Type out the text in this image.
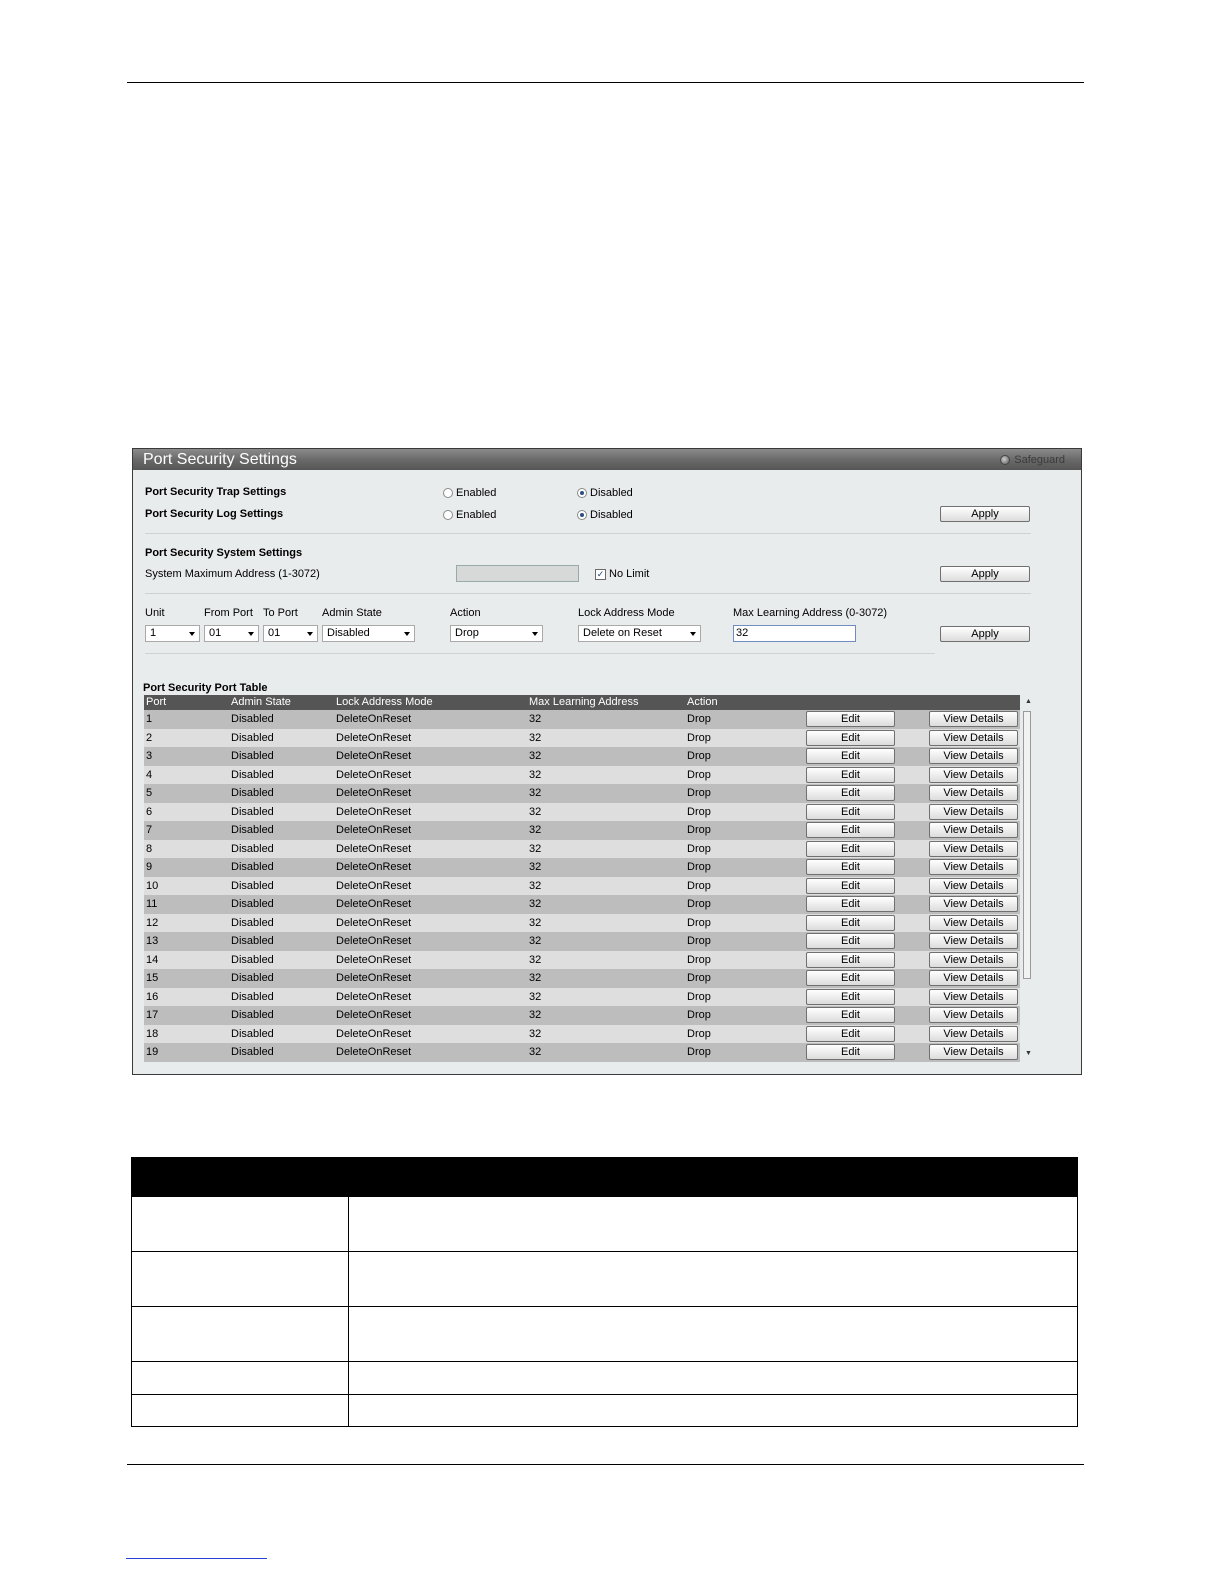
Port Security Settings	Safeguard
Port Security Trap Settings	Enabled	Disabled
Port Security Log Settings	Enabled	Disabled	Apply
Port Security System Settings
System Maximum Address (1-3072)	✓ No Limit	Apply
Unit	From Port To Port Admin State	Action	Lock Address Mode	Max Learning Address (0-3072)
1	01	01	Disabled	Drop	Delete on Reset	32	Apply
Port Security Port Table
Port	Admin State	Lock Address Mode	Max Learning Address	Action
1	Disabled	DeleteOnReset	32	Drop	Edit	View Details
2	Disabled	DeleteOnReset	32	Drop	Edit	View Details
3	Disabled	DeleteOnReset	32	Drop	Edit	View Details
4	Disabled	DeleteOnReset	32	Drop	Edit	View Details
5	Disabled	DeleteOnReset	32	Drop	Edit	View Details
6	Disabled	DeleteOnReset	32	Drop	Edit	View Details
7	Disabled	DeleteOnReset	32	Drop	Edit	View Details
8	Disabled	DeleteOnReset	32	Drop	Edit	View Details
9	Disabled	DeleteOnReset	32	Drop	Edit	View Details
10	Disabled	DeleteOnReset	32	Drop	Edit	View Details
11	Disabled	DeleteOnReset	32	Drop	Edit	View Details
12	Disabled	DeleteOnReset	32	Drop	Edit	View Details
13	Disabled	DeleteOnReset	32	Drop	Edit	View Details
14	Disabled	DeleteOnReset	32	Drop	Edit	View Details
15	Disabled	DeleteOnReset	32	Drop	Edit	View Details
16	Disabled	DeleteOnReset	32	Drop	Edit	View Details
17	Disabled	DeleteOnReset	32	Drop	Edit	View Details
18	Disabled	DeleteOnReset	32	Drop	Edit	View Details
19	Disabled	DeleteOnReset	32	Drop	Edit	View Details
▲
▼
